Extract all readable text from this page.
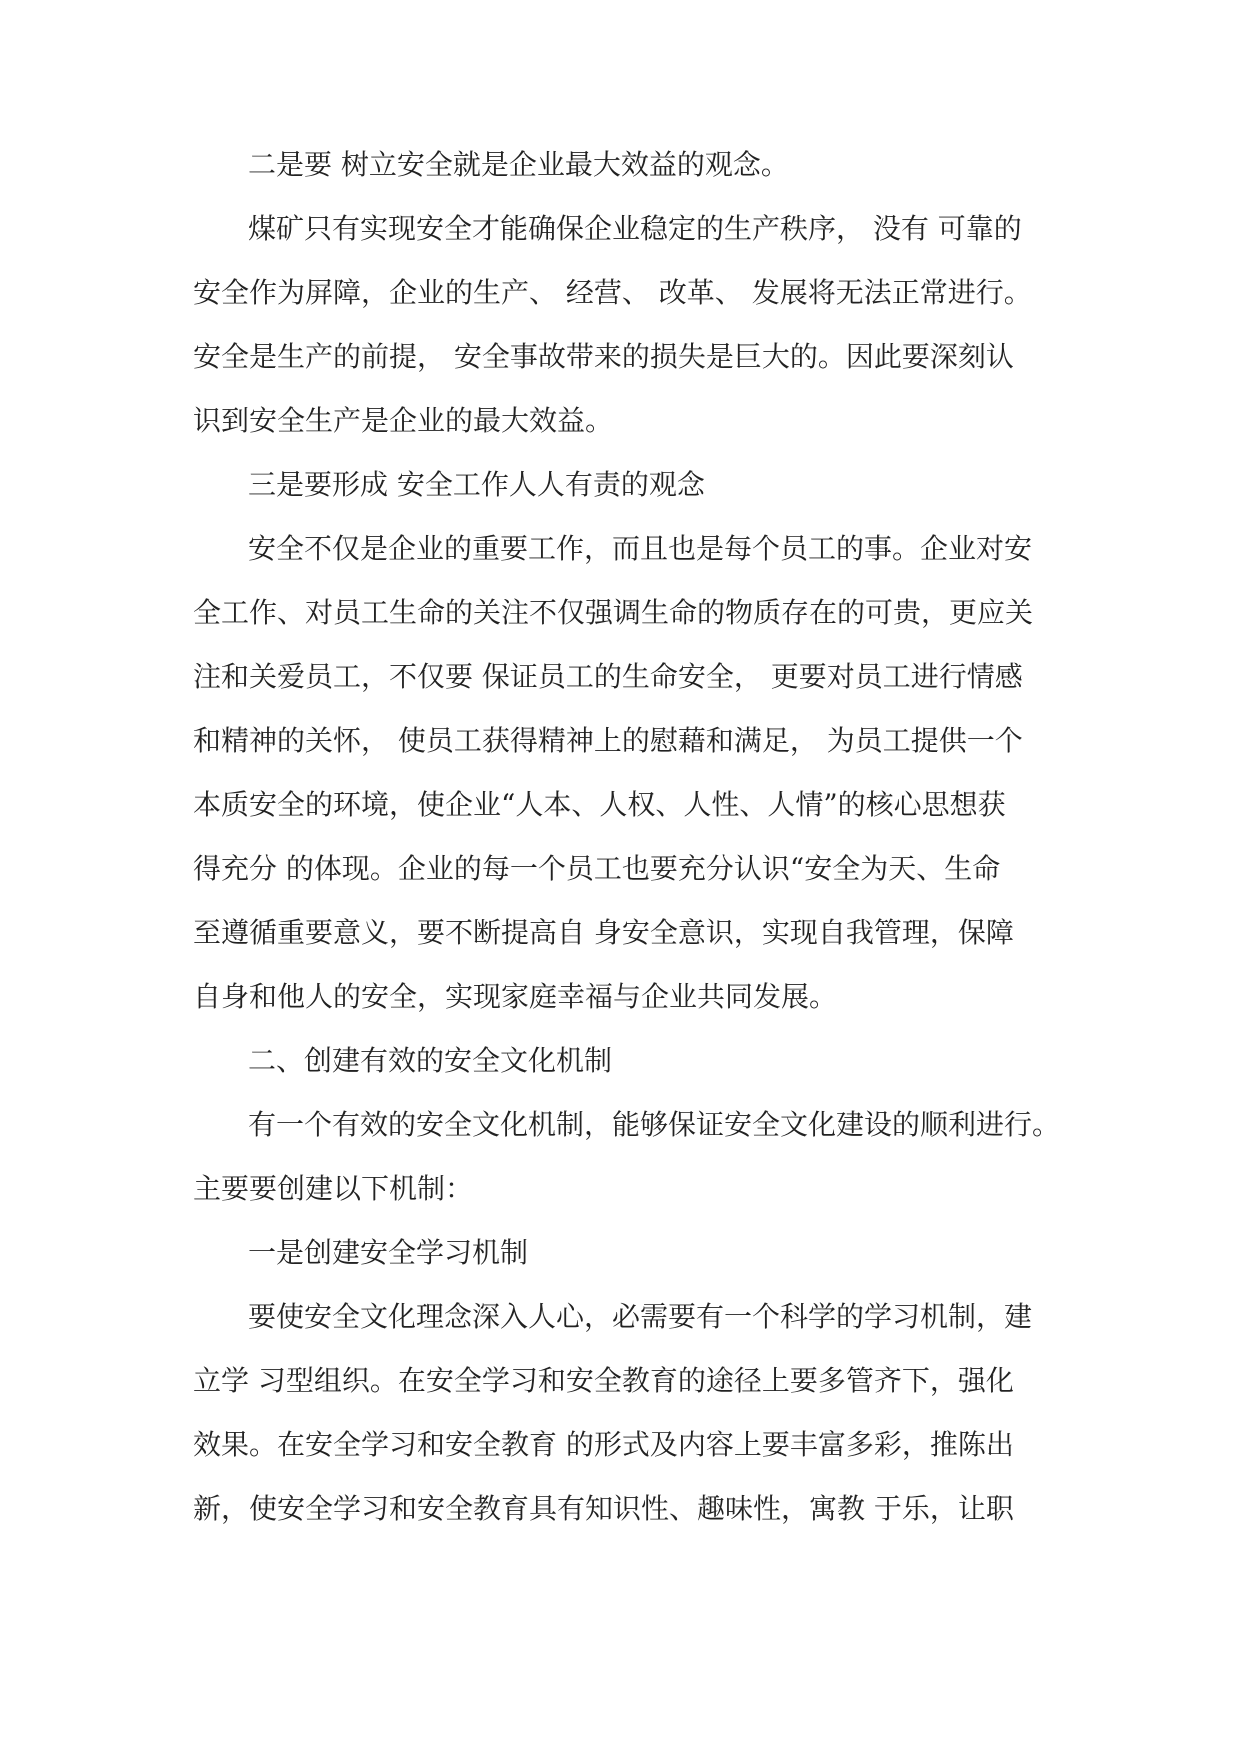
二是要 树立安全就是企业最大效益的观念。
煤矿只有实现安全才能确保企业稳定的生产秩序， 没有 可靠的
安全作为屏障，企业的生产、 经营、 改革、 发展将无法正常进行。
安全是生产的前提， 安全事故带来的损失是巨大的。因此要深刻认
识到安全生产是企业的最大效益。
三是要形成 安全工作人人有责的观念
安全不仅是企业的重要工作，而且也是每个员工的事。企业对安
全工作、对员工生命的关注不仅强调生命的物质存在的可贵，更应关
注和关爱员工，不仅要 保证员工的生命安全， 更要对员工进行情感
和精神的关怀， 使员工获得精神上的慰藉和满足， 为员工提供一个
本质安全的环境，使企业“人本、人权、人性、人情”的核心思想获
得充分 的体现。企业的每一个员工也要充分认识“安全为天、生命
至遵循重要意义，要不断提高自 身安全意识，实现自我管理，保障
自身和他人的安全，实现家庭幸福与企业共同发展。
二、创建有效的安全文化机制
有一个有效的安全文化机制，能够保证安全文化建设的顺利进行。
主要要创建以下机制：
一是创建安全学习机制
要使安全文化理念深入人心，必需要有一个科学的学习机制，建
立学 习型组织。在安全学习和安全教育的途径上要多管齐下，强化
效果。在安全学习和安全教育 的形式及内容上要丰富多彩，推陈出
新，使安全学习和安全教育具有知识性、趣味性，寓教 于乐，让职
